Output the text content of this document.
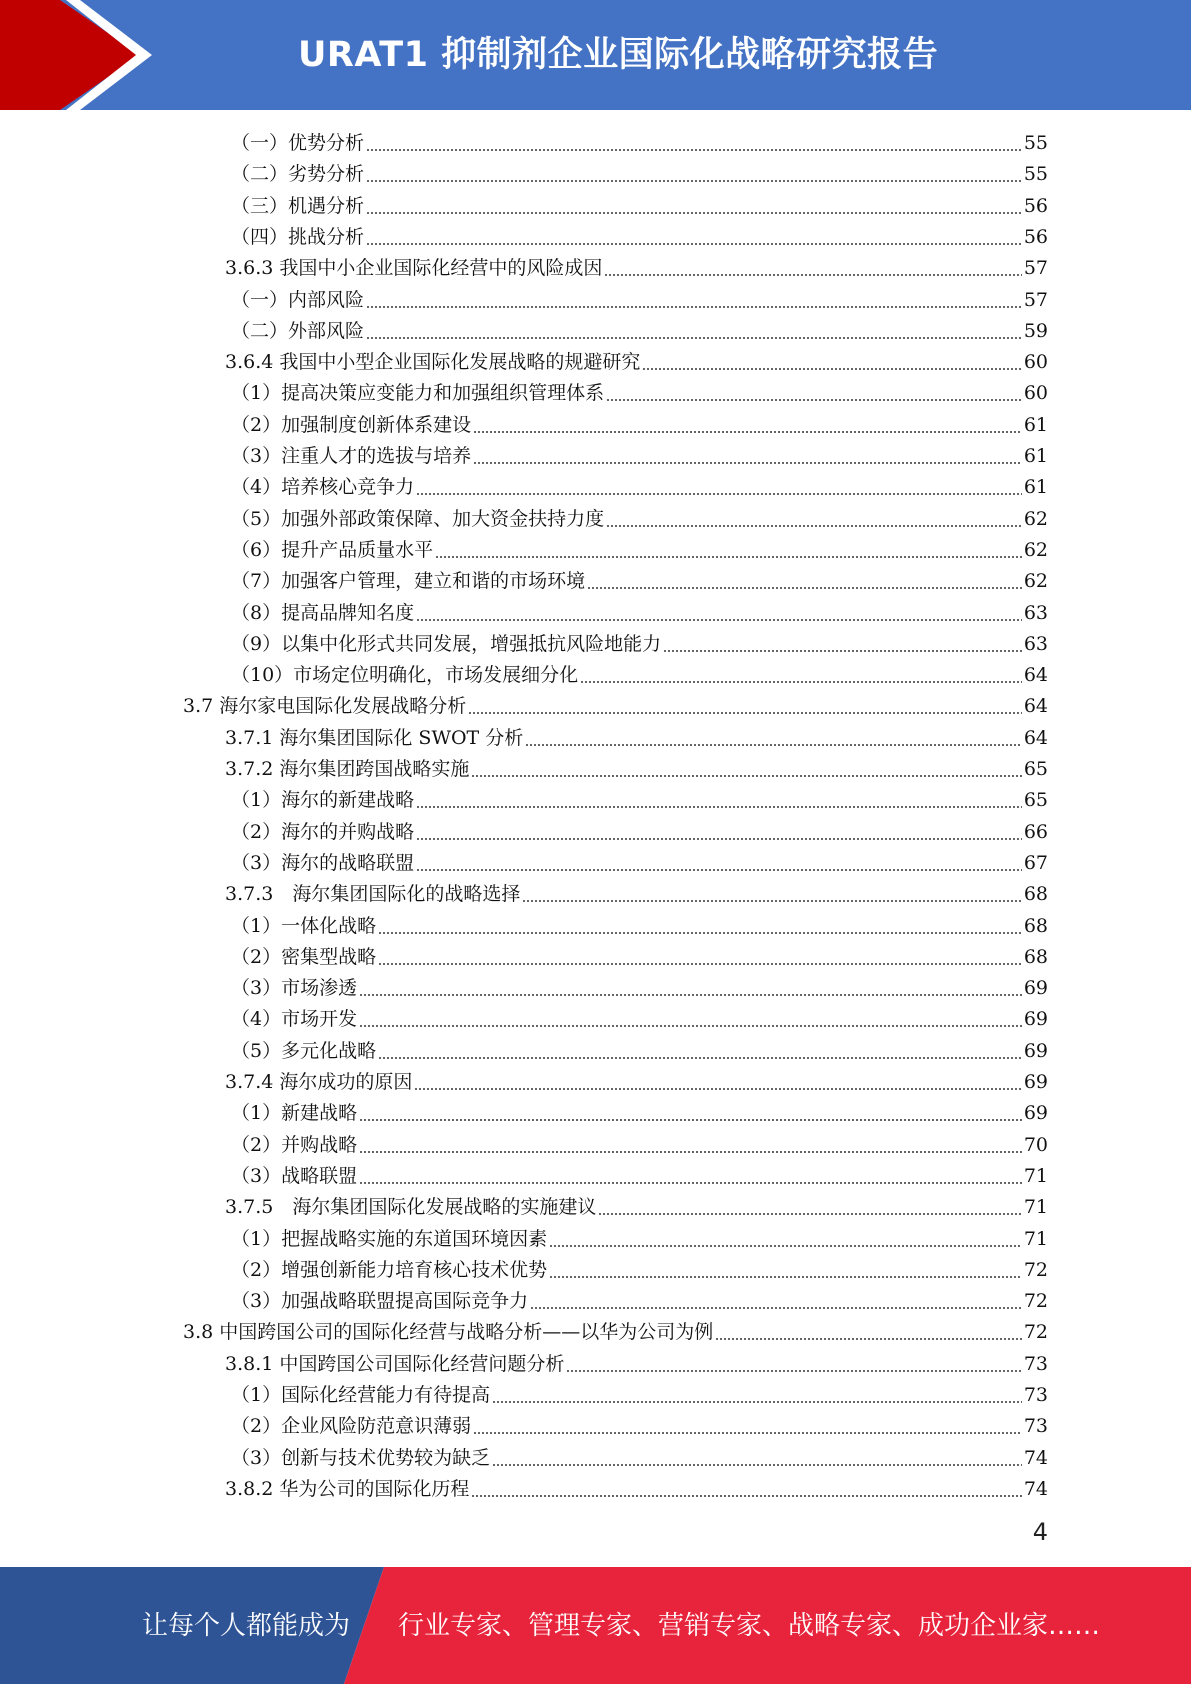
URAT1 抑制剂企业国际化战略研究报告
（一）优势分析	55
（二）劣势分析	55
（三）机遇分析	56
（四）挑战分析	56
3.6.3 我国中小企业国际化经营中的风险成因	57
（一）内部风险	57
（二）外部风险	59
3.6.4 我国中小型企业国际化发展战略的规避研究	60
（1）提高决策应变能力和加强组织管理体系	60
（2）加强制度创新体系建设	61
（3）注重人才的选拔与培养	61
（4）培养核心竞争力	61
（5）加强外部政策保障、加大资金扶持力度	62
（6）提升产品质量水平	62
（7）加强客户管理，建立和谐的市场环境	62
（8）提高品牌知名度	63
（9）以集中化形式共同发展，增强抵抗风险地能力	63
（10）市场定位明确化，市场发展细分化	64
3.7 海尔家电国际化发展战略分析	64
3.7.1 海尔集团国际化 SWOT 分析	64
3.7.2 海尔集团跨国战略实施	65
（1）海尔的新建战略	65
（2）海尔的并购战略	66
（3）海尔的战略联盟	67
3.7.3　海尔集团国际化的战略选择	68
（1）一体化战略	68
（2）密集型战略	68
（3）市场渗透	69
（4）市场开发	69
（5）多元化战略	69
3.7.4 海尔成功的原因	69
（1）新建战略	69
（2）并购战略	70
（3）战略联盟	71
3.7.5　海尔集团国际化发展战略的实施建议	71
（1）把握战略实施的东道国环境因素	71
（2）增强创新能力培育核心技术优势	72
（3）加强战略联盟提高国际竞争力	72
3.8 中国跨国公司的国际化经营与战略分析——以华为公司为例	72
3.8.1 中国跨国公司国际化经营问题分析	73
（1）国际化经营能力有待提高	73
（2）企业风险防范意识薄弱	73
（3）创新与技术优势较为缺乏	74
3.8.2 华为公司的国际化历程	74
4
让每个人都能成为 行业专家、管理专家、营销专家、战略专家、成功企业家……
